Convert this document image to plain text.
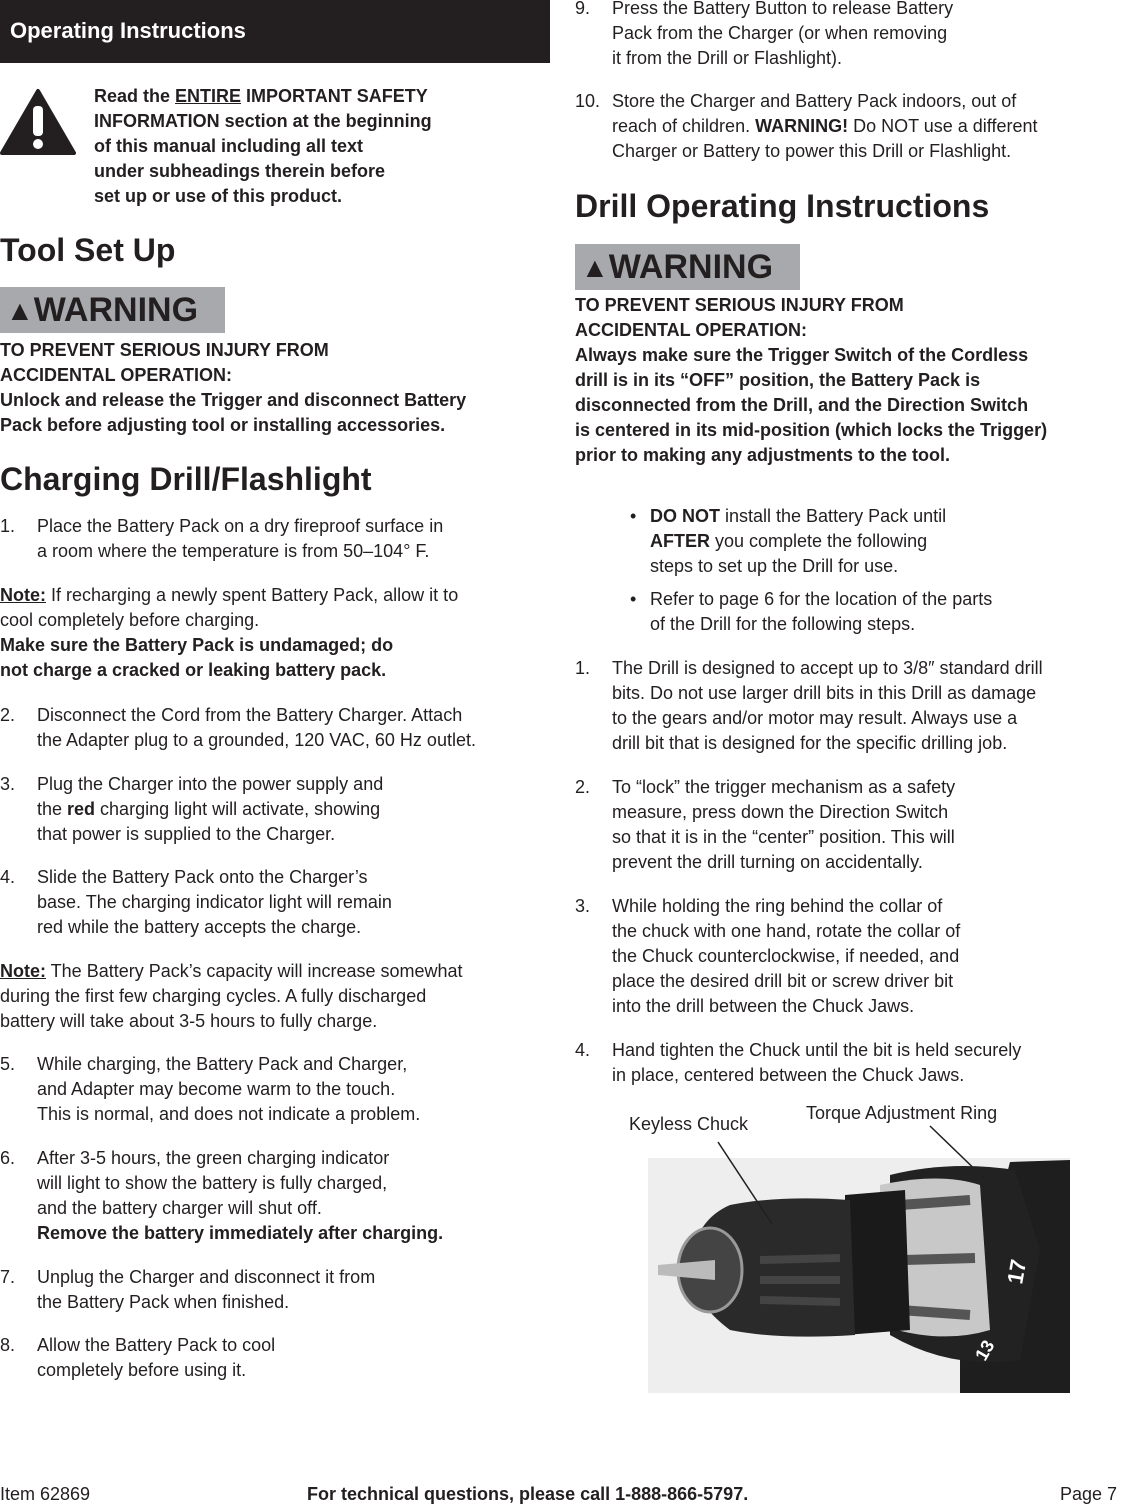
Operating Instructions
Read the ENTIRE IMPORTANT SAFETY
INFORMATION section at the beginning
of this manual including all text
under subheadings therein before
set up or use of this product.
Tool Set Up
▲ WARNING
TO PREVENT SERIOUS INJURY FROM
ACCIDENTAL OPERATION:
Unlock and release the Trigger and disconnect Battery
Pack before adjusting tool or installing accessories.
Charging Drill/Flashlight
1. Place the Battery Pack on a dry fireproof surface in
a room where the temperature is from 50–104° F.
Note: If recharging a newly spent Battery Pack, allow it to
cool completely before charging.
Make sure the Battery Pack is undamaged; do
not charge a cracked or leaking battery pack.
2. Disconnect the Cord from the Battery Charger. Attach
the Adapter plug to a grounded, 120 VAC, 60 Hz outlet.
3. Plug the Charger into the power supply and
the red charging light will activate, showing
that power is supplied to the Charger.
4. Slide the Battery Pack onto the Charger’s
base. The charging indicator light will remain
red while the battery accepts the charge.
Note: The Battery Pack’s capacity will increase somewhat
during the first few charging cycles. A fully discharged
battery will take about 3-5 hours to fully charge.
5. While charging, the Battery Pack and Charger,
and Adapter may become warm to the touch.
This is normal, and does not indicate a problem.
6. After 3-5 hours, the green charging indicator
will light to show the battery is fully charged,
and the battery charger will shut off.
Remove the battery immediately after charging.
7. Unplug the Charger and disconnect it from
the Battery Pack when finished.
8. Allow the Battery Pack to cool
completely before using it.
9. Press the Battery Button to release Battery
Pack from the Charger (or when removing
it from the Drill or Flashlight).
10. Store the Charger and Battery Pack indoors, out of
reach of children. WARNING! Do NOT use a different
Charger or Battery to power this Drill or Flashlight.
Drill Operating Instructions
▲ WARNING
TO PREVENT SERIOUS INJURY FROM
ACCIDENTAL OPERATION:
Always make sure the Trigger Switch of the Cordless
drill is in its “OFF” position, the Battery Pack is
disconnected from the Drill, and the Direction Switch
is centered in its mid-position (which locks the Trigger)
prior to making any adjustments to the tool.
• DO NOT install the Battery Pack until
AFTER you complete the following
steps to set up the Drill for use.
• Refer to page 6 for the location of the parts
of the Drill for the following steps.
1. The Drill is designed to accept up to 3/8″ standard drill
bits. Do not use larger drill bits in this Drill as damage
to the gears and/or motor may result. Always use a
drill bit that is designed for the specific drilling job.
2. To “lock” the trigger mechanism as a safety
measure, press down the Direction Switch
so that it is in the “center” position. This will
prevent the drill turning on accidentally.
3. While holding the ring behind the collar of
the chuck with one hand, rotate the collar of
the Chuck counterclockwise, if needed, and
place the desired drill bit or screw driver bit
into the drill between the Chuck Jaws.
4. Hand tighten the Chuck until the bit is held securely
in place, centered between the Chuck Jaws.
Keyless Chuck
Torque Adjustment Ring
17
13
Item 62869	For technical questions, please call 1-888-866-5797.	Page 7
